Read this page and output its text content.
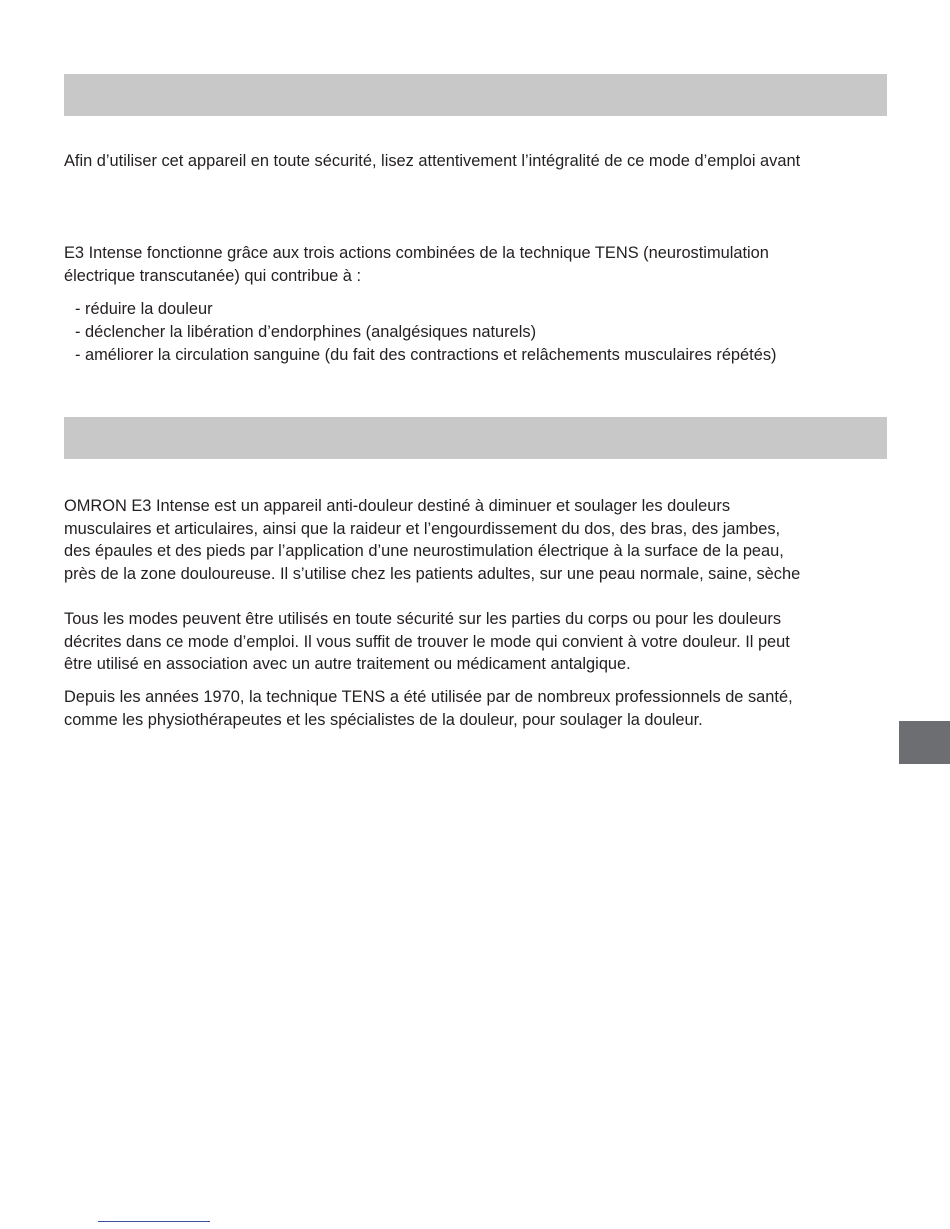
Afin d’utiliser cet appareil en toute sécurité, lisez attentivement l’intégralité de ce mode d’emploi avant

E3 Intense fonctionne grâce aux trois actions combinées de la technique TENS (neurostimulation
électrique transcutanée) qui contribue à :

- réduire la douleur
- déclencher la libération d’endorphines (analgésiques naturels)
- améliorer la circulation sanguine (du fait des contractions et relâchements musculaires répétés)

OMRON E3 Intense est un appareil anti-douleur destiné à diminuer et soulager les douleurs
musculaires et articulaires, ainsi que la raideur et l’engourdissement du dos, des bras, des jambes,
des épaules et des pieds par l’application d’une neurostimulation électrique à la surface de la peau,
près de la zone douloureuse. Il s’utilise chez les patients adultes, sur une peau normale, saine, sèche

Tous les modes peuvent être utilisés en toute sécurité sur les parties du corps ou pour les douleurs
décrites dans ce mode d’emploi. Il vous suffit de trouver le mode qui convient à votre douleur. Il peut
être utilisé en association avec un autre traitement ou médicament antalgique.

Depuis les années 1970, la technique TENS a été utilisée par de nombreux professionnels de santé,
comme les physiothérapeutes et les spécialistes de la douleur, pour soulager la douleur.
